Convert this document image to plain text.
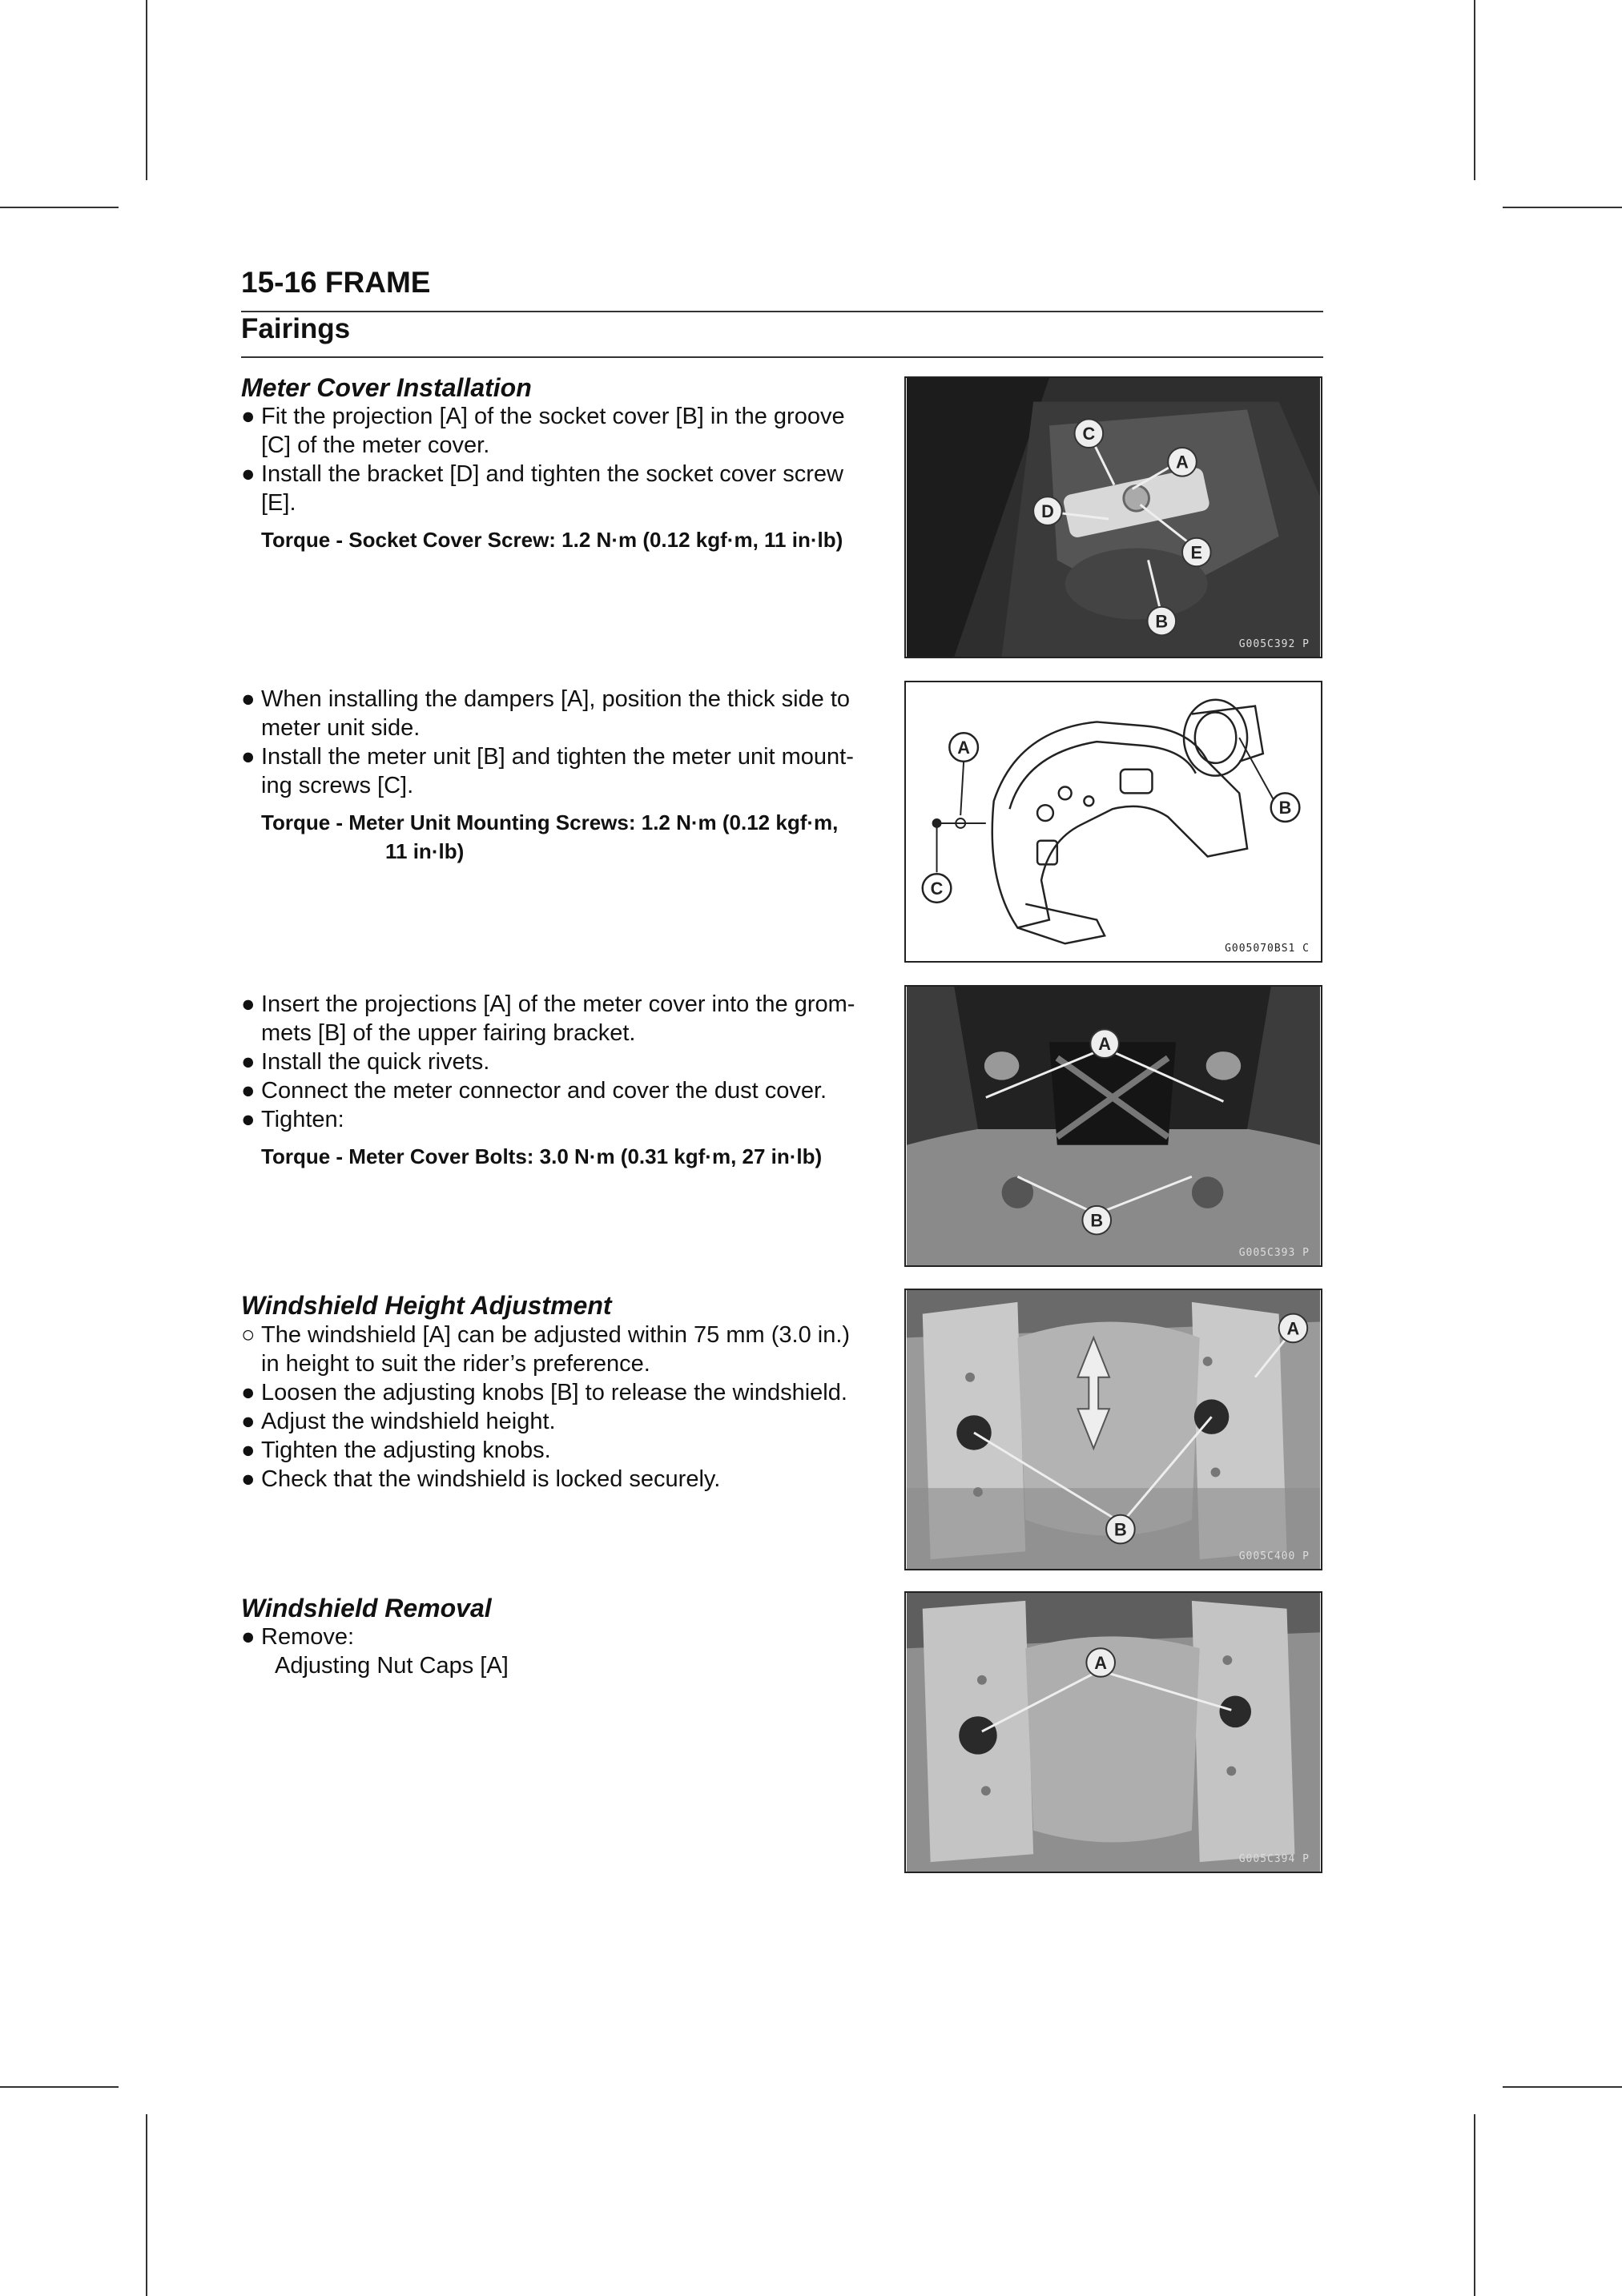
15-16 FRAME
Fairings
Meter Cover Installation

● Fit the projection [A] of the socket cover [B] in the groove [C] of the meter cover.

● Install the bracket [D] and tighten the socket cover screw [E].

Torque - Socket Cover Screw: 1.2 N·m (0.12 kgf·m, 11 in·lb)

C
A
D
E
B
G005C392 P

● When installing the dampers [A], position the thick side to meter unit side.

● Install the meter unit [B] and tighten the meter unit mount-ing screws [C].

Torque - Meter Unit Mounting Screws: 1.2 N·m (0.12 kgf·m,
11 in·lb)

A
B
C
G005070BS1 C

● Insert the projections [A] of the meter cover into the grom-mets [B] of the upper fairing bracket.

● Install the quick rivets.

● Connect the meter connector and cover the dust cover.

● Tighten:

Torque - Meter Cover Bolts: 3.0 N·m (0.31 kgf·m, 27 in·lb)

A
B
G005C393 P
Windshield Height Adjustment

○ The windshield [A] can be adjusted within 75 mm (3.0 in.) in height to suit the rider’s preference.

● Loosen the adjusting knobs [B] to release the windshield.

● Adjust the windshield height.

● Tighten the adjusting knobs.

● Check that the windshield is locked securely.

A
B
G005C400 P
Windshield Removal

● Remove:

Adjusting Nut Caps [A]	A
G005C394 P
